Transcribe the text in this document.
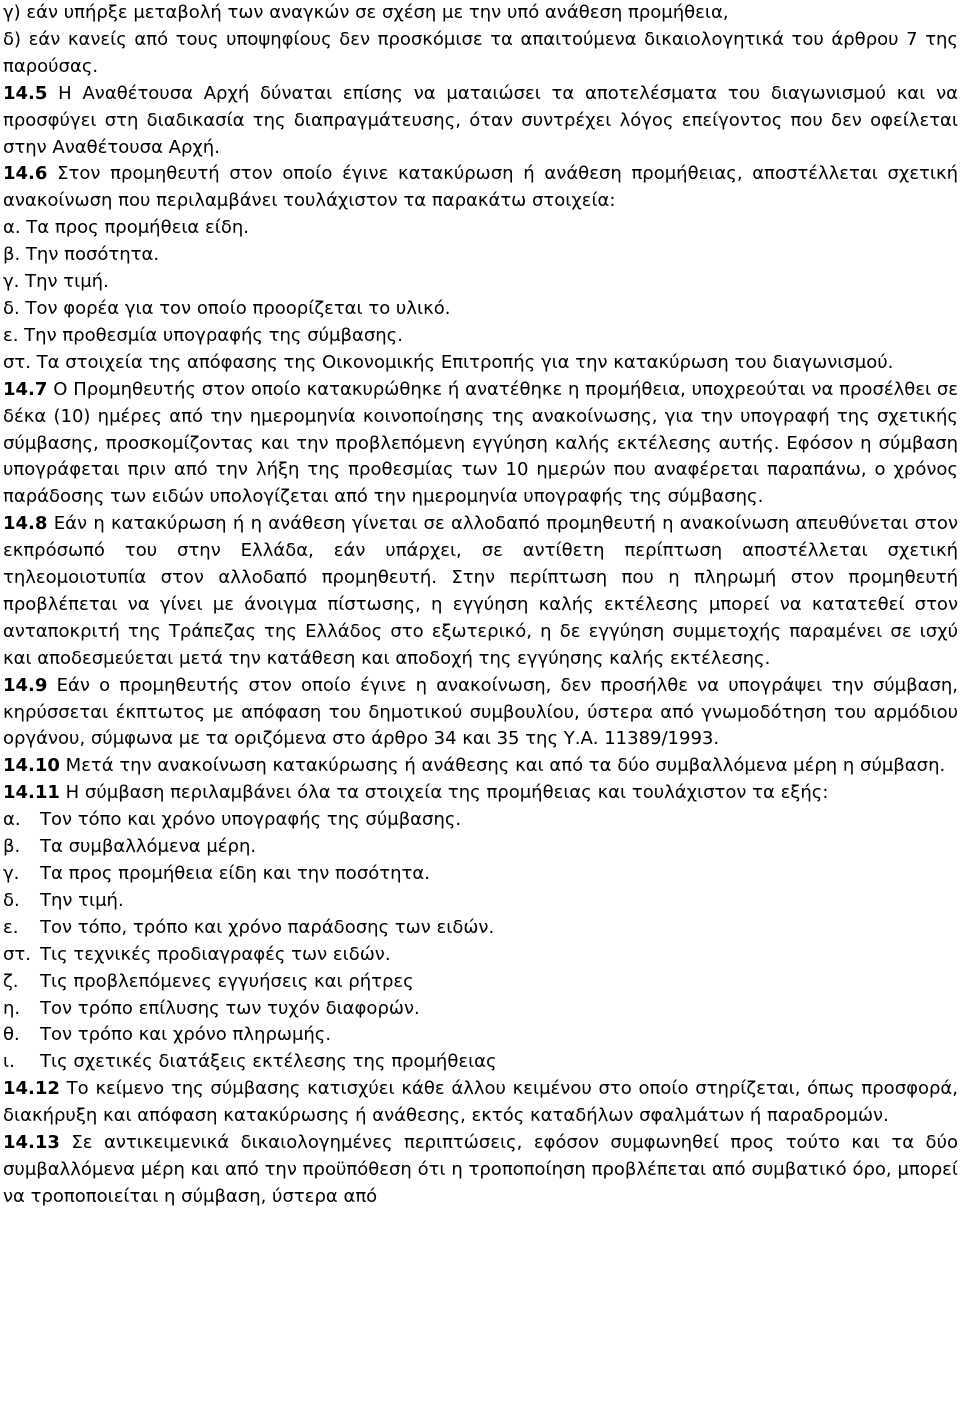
γ) εάν υπήρξε μεταβολή των αναγκών σε σχέση με την υπό ανάθεση προμήθεια,

δ) εάν κανείς από τους υποψηφίους δεν προσκόμισε τα απαιτούμενα δικαιολογητικά του άρθρου 7 της παρούσας.

14.5 Η Αναθέτουσα Αρχή δύναται επίσης να ματαιώσει τα αποτελέσματα του διαγωνισμού και να προσφύγει στη διαδικασία της διαπραγμάτευσης, όταν συντρέχει λόγος επείγοντος που δεν οφείλεται στην Αναθέτουσα Αρχή.

14.6 Στον προμηθευτή στον οποίο έγινε κατακύρωση ή ανάθεση προμήθειας, αποστέλλεται σχετική ανακοίνωση που περιλαμβάνει τουλάχιστον τα παρακάτω στοιχεία:

α. Τα προς προμήθεια είδη.

β. Την ποσότητα.

γ. Την τιμή.

δ. Τον φορέα για τον οποίο προορίζεται το υλικό.

ε. Την προθεσμία υπογραφής της σύμβασης.

στ. Τα στοιχεία της απόφασης της Οικονομικής Επιτροπής για την κατακύρωση του διαγωνισμού.

14.7 Ο Προμηθευτής στον οποίο κατακυρώθηκε ή ανατέθηκε η προμήθεια, υποχρεούται να προσέλθει σε δέκα (10) ημέρες από την ημερομηνία κοινοποίησης της ανακοίνωσης, για την υπογραφή της σχετικής σύμβασης, προσκομίζοντας και την προβλεπόμενη εγγύηση καλής εκτέλεσης αυτής. Εφόσον η σύμβαση υπογράφεται πριν από την λήξη της προθεσμίας των 10 ημερών που αναφέρεται παραπάνω, ο χρόνος παράδοσης των ειδών υπολογίζεται από την ημερομηνία υπογραφής της σύμβασης.

14.8 Εάν η κατακύρωση ή η ανάθεση γίνεται σε αλλοδαπό προμηθευτή η ανακοίνωση απευθύνεται στον εκπρόσωπό του στην Ελλάδα, εάν υπάρχει, σε αντίθετη περίπτωση αποστέλλεται σχετική τηλεομοιοτυπία στον αλλοδαπό προμηθευτή. Στην περίπτωση που η πληρωμή στον προμηθευτή προβλέπεται να γίνει με άνοιγμα πίστωσης, η εγγύηση καλής εκτέλεσης μπορεί να κατατεθεί στον ανταποκριτή της Τράπεζας της Ελλάδος στο εξωτερικό, η δε εγγύηση συμμετοχής παραμένει σε ισχύ και αποδεσμεύεται μετά την κατάθεση και αποδοχή της εγγύησης καλής εκτέλεσης.

14.9 Εάν ο προμηθευτής στον οποίο έγινε η ανακοίνωση, δεν προσήλθε να υπογράψει την σύμβαση, κηρύσσεται έκπτωτος με απόφαση του δημοτικού συμβουλίου, ύστερα από γνωμοδότηση του αρμόδιου οργάνου, σύμφωνα με τα οριζόμενα στο άρθρο 34 και 35 της Υ.Α. 11389/1993.

14.10 Μετά την ανακοίνωση κατακύρωσης ή ανάθεσης και από τα δύο συμβαλλόμενα μέρη η σύμβαση.

14.11 Η σύμβαση περιλαμβάνει όλα τα στοιχεία της προμήθειας και τουλάχιστον τα εξής:

α.	Τον τόπο και χρόνο υπογραφής της σύμβασης.
β.	Τα συμβαλλόμενα μέρη.
γ.	Τα προς προμήθεια είδη και την ποσότητα.
δ.	Την τιμή.
ε.	Τον τόπο, τρόπο και χρόνο παράδοσης των ειδών.
στ. Τις τεχνικές προδιαγραφές των ειδών.
ζ.	Τις προβλεπόμενες εγγυήσεις και ρήτρες
η.	Τον τρόπο επίλυσης των τυχόν διαφορών.
θ.	Τον τρόπο και χρόνο πληρωμής.
ι.	Τις σχετικές διατάξεις εκτέλεσης της προμήθειας

14.12 Το κείμενο της σύμβασης κατισχύει κάθε άλλου κειμένου στο οποίο στηρίζεται, όπως προσφορά, διακήρυξη και απόφαση κατακύρωσης ή ανάθεσης, εκτός καταδήλων σφαλμάτων ή παραδρομών.

14.13 Σε αντικειμενικά δικαιολογημένες περιπτώσεις, εφόσον συμφωνηθεί προς τούτο και τα δύο συμβαλλόμενα μέρη και από την προϋπόθεση ότι η τροποποίηση προβλέπεται από συμβατικό όρο, μπορεί να τροποποιείται η σύμβαση, ύστερα από
